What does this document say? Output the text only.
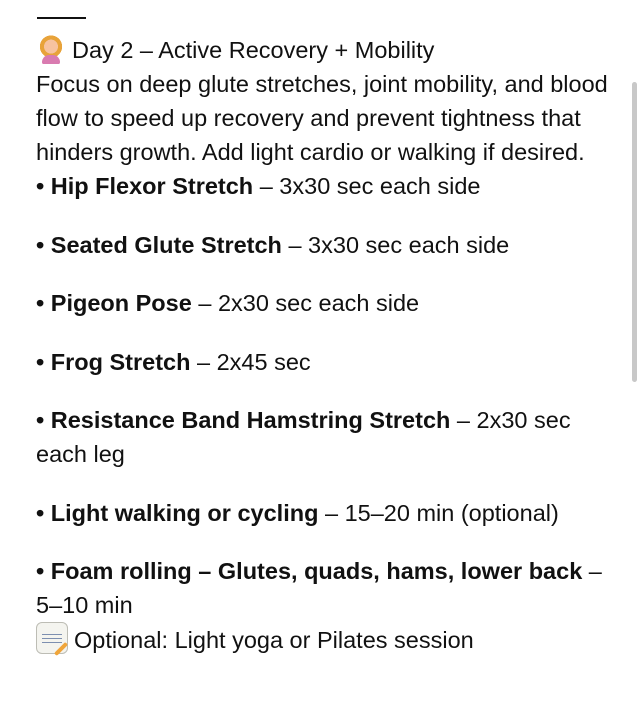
Day 2 – Active Recovery + Mobility

Focus on deep glute stretches, joint mobility, and blood flow to speed up recovery and prevent tightness that hinders growth. Add light cardio or walking if desired.

• Hip Flexor Stretch – 3x30 sec each side
• Seated Glute Stretch – 3x30 sec each side
• Pigeon Pose – 2x30 sec each side
• Frog Stretch – 2x45 sec
• Resistance Band Hamstring Stretch – 2x30 sec each leg
• Light walking or cycling – 15–20 min (optional)
• Foam rolling – Glutes, quads, hams, lower back – 5–10 min

Optional: Light yoga or Pilates session
